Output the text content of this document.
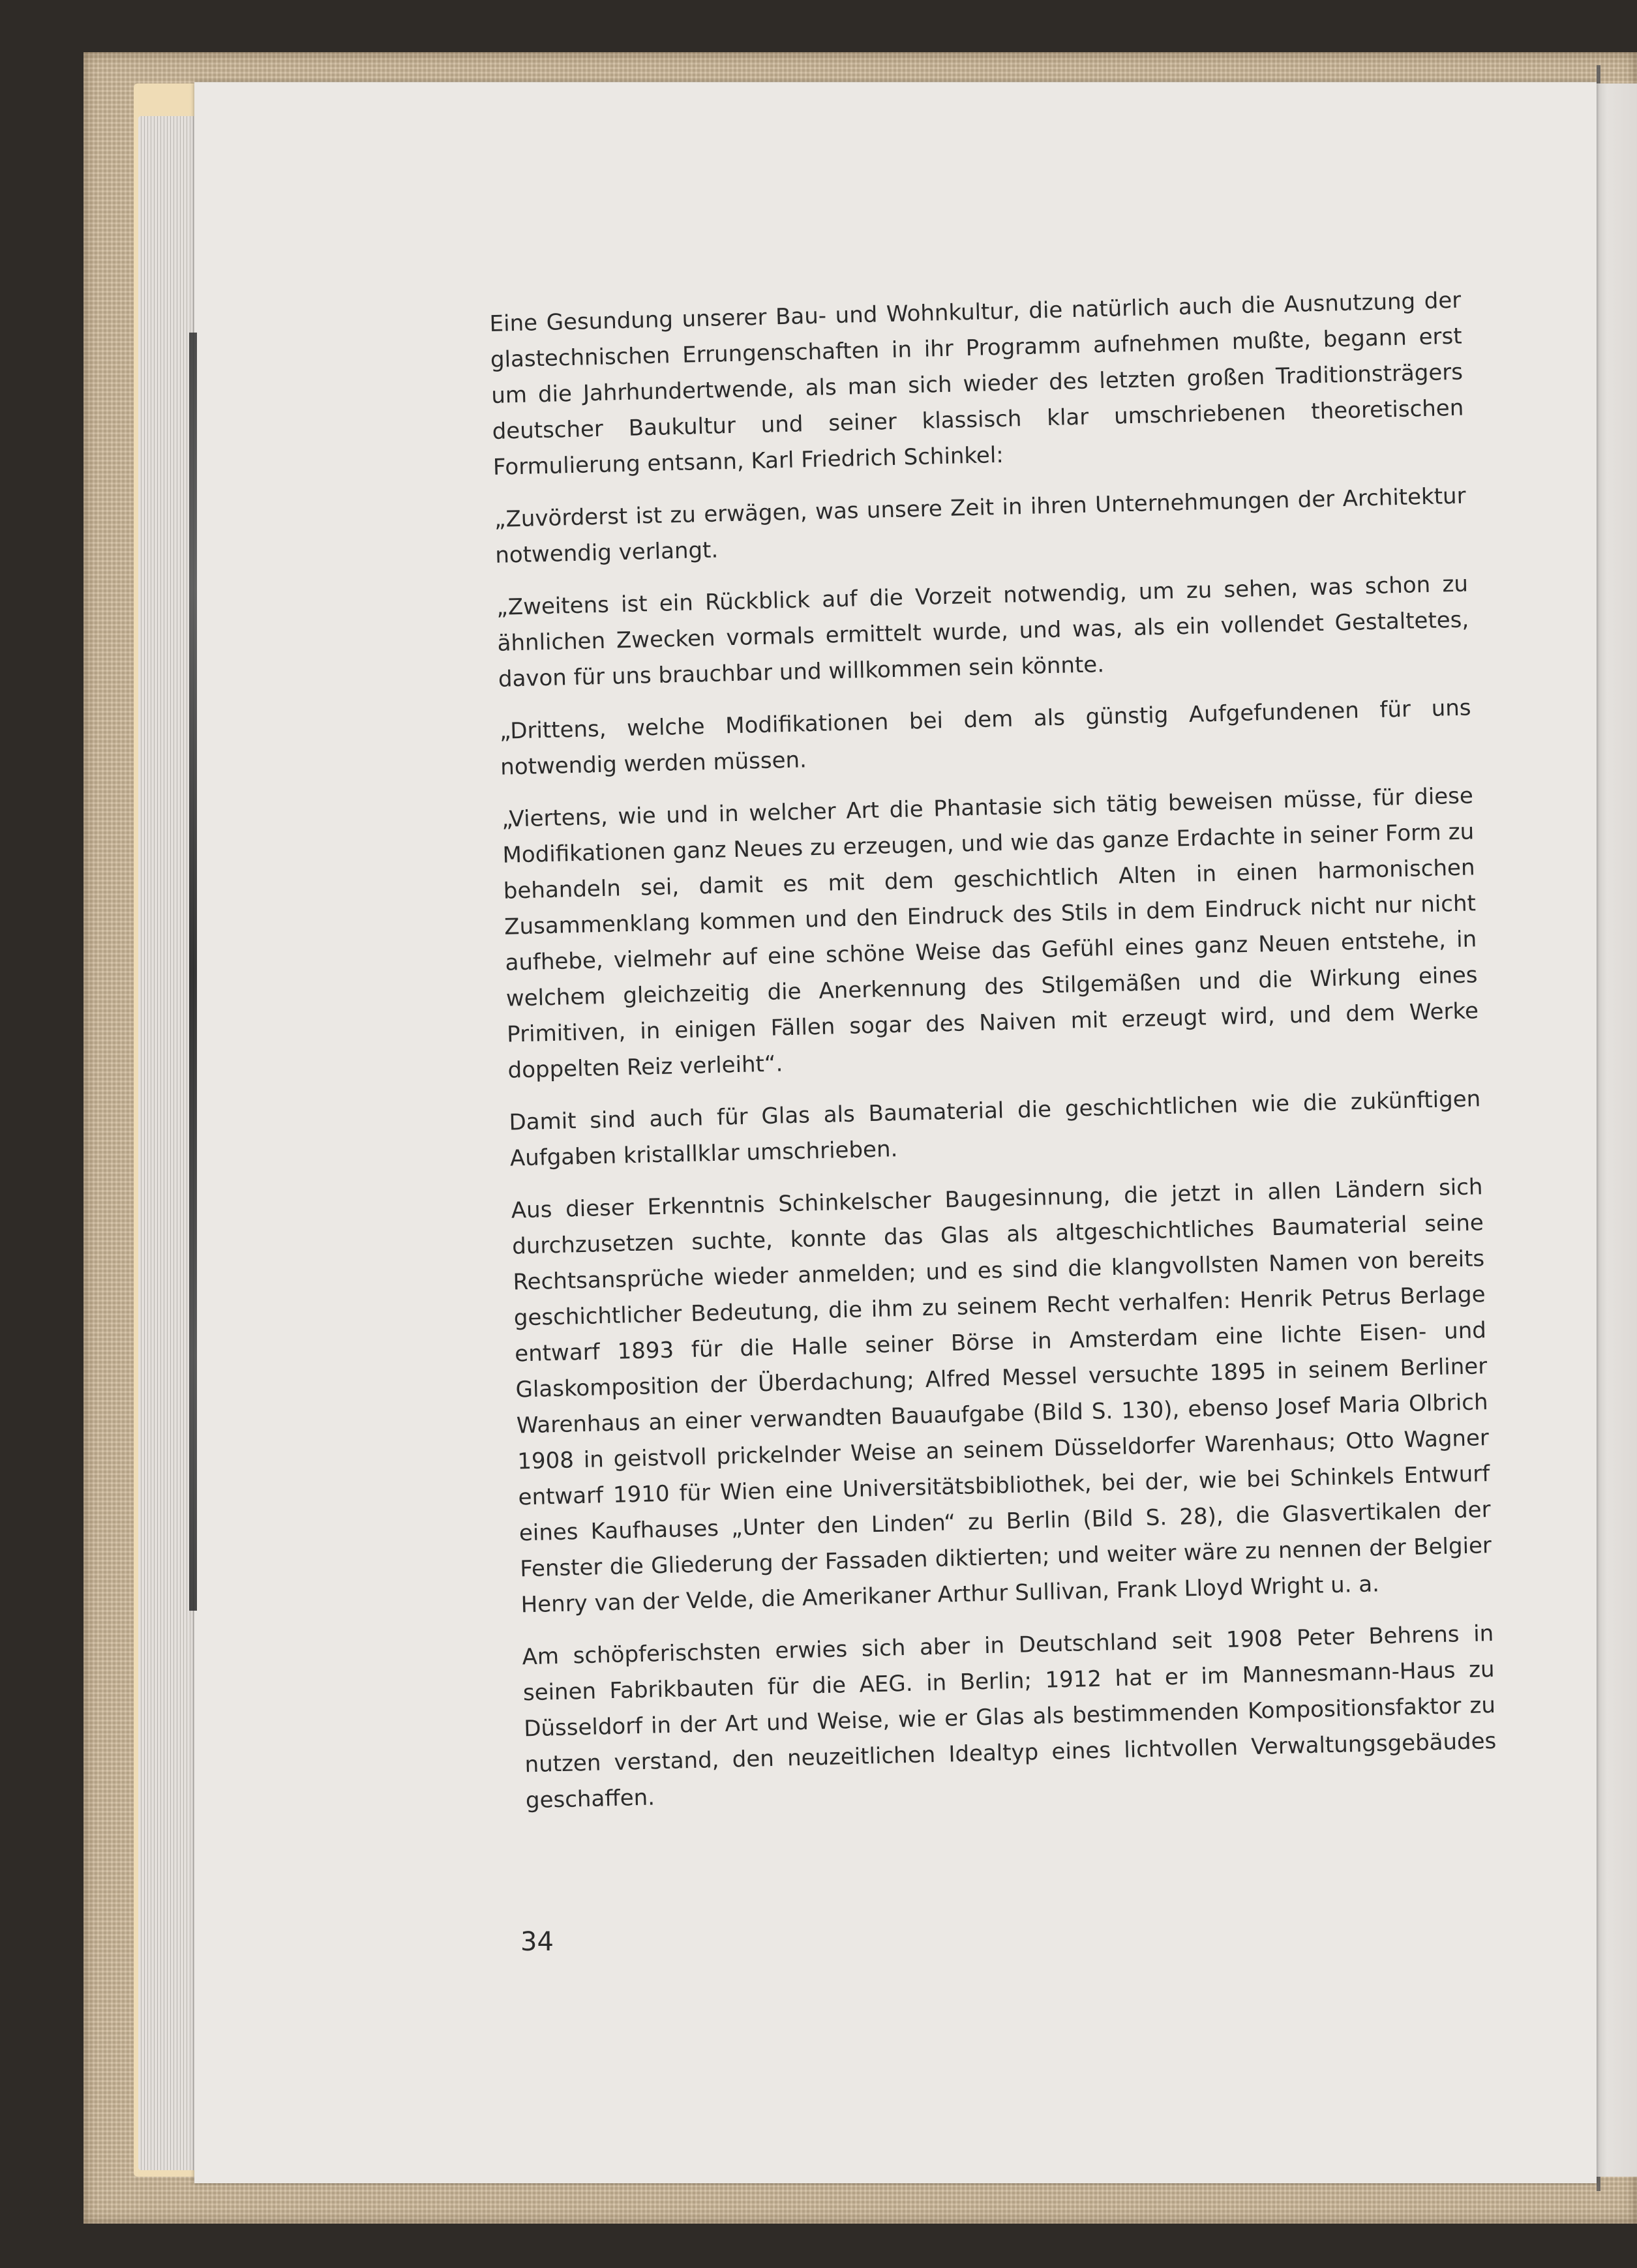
Eine Gesundung unserer Bau- und Wohnkultur, die natürlich auch die Ausnutzung der glastechnischen Errungenschaften in ihr Programm aufnehmen mußte, begann erst um die Jahrhundertwende, als man sich wieder des letzten großen Traditionsträgers deutscher Baukultur und seiner klassisch klar umschriebenen theoretischen Formulierung entsann, Karl Friedrich Schinkel:

„Zuvörderst ist zu erwägen, was unsere Zeit in ihren Unternehmungen der Architektur notwendig verlangt.

„Zweitens ist ein Rückblick auf die Vorzeit notwendig, um zu sehen, was schon zu ähnlichen Zwecken vormals ermittelt wurde, und was, als ein vollendet Gestaltetes, davon für uns brauchbar und willkommen sein könnte.

„Drittens, welche Modifikationen bei dem als günstig Aufgefundenen für uns notwendig werden müssen.

„Viertens, wie und in welcher Art die Phantasie sich tätig beweisen müsse, für diese Modifikationen ganz Neues zu erzeugen, und wie das ganze Erdachte in seiner Form zu behandeln sei, damit es mit dem geschichtlich Alten in einen harmonischen Zusammenklang kommen und den Eindruck des Stils in dem Eindruck nicht nur nicht aufhebe, vielmehr auf eine schöne Weise das Gefühl eines ganz Neuen entstehe, in welchem gleichzeitig die Anerkennung des Stilgemäßen und die Wirkung eines Primitiven, in einigen Fällen sogar des Naiven mit erzeugt wird, und dem Werke doppelten Reiz verleiht“.

Damit sind auch für Glas als Baumaterial die geschichtlichen wie die zukünftigen Aufgaben kristallklar umschrieben.

Aus dieser Erkenntnis Schinkelscher Baugesinnung, die jetzt in allen Ländern sich durchzusetzen suchte, konnte das Glas als altgeschichtliches Baumaterial seine Rechtsansprüche wieder anmelden; und es sind die klangvollsten Namen von bereits geschichtlicher Bedeutung, die ihm zu seinem Recht verhalfen: Henrik Petrus Berlage entwarf 1893 für die Halle seiner Börse in Amsterdam eine lichte Eisen- und Glaskomposition der Überdachung; Alfred Messel versuchte 1895 in seinem Berliner Warenhaus an einer verwandten Bauaufgabe (Bild S. 130), ebenso Josef Maria Olbrich 1908 in geistvoll prickelnder Weise an seinem Düsseldorfer Warenhaus; Otto Wagner entwarf 1910 für Wien eine Universitätsbibliothek, bei der, wie bei Schinkels Entwurf eines Kaufhauses „Unter den Linden“ zu Berlin (Bild S. 28), die Glasvertikalen der Fenster die Gliederung der Fassaden diktierten; und weiter wäre zu nennen der Belgier Henry van der Velde, die Amerikaner Arthur Sullivan, Frank Lloyd Wright u. a.

Am schöpferischsten erwies sich aber in Deutschland seit 1908 Peter Behrens in seinen Fabrikbauten für die AEG. in Berlin; 1912 hat er im Mannesmann-Haus zu Düsseldorf in der Art und Weise, wie er Glas als bestimmenden Kompositionsfaktor zu nutzen verstand, den neuzeitlichen Idealtyp eines lichtvollen Verwaltungsgebäudes geschaffen.

34
